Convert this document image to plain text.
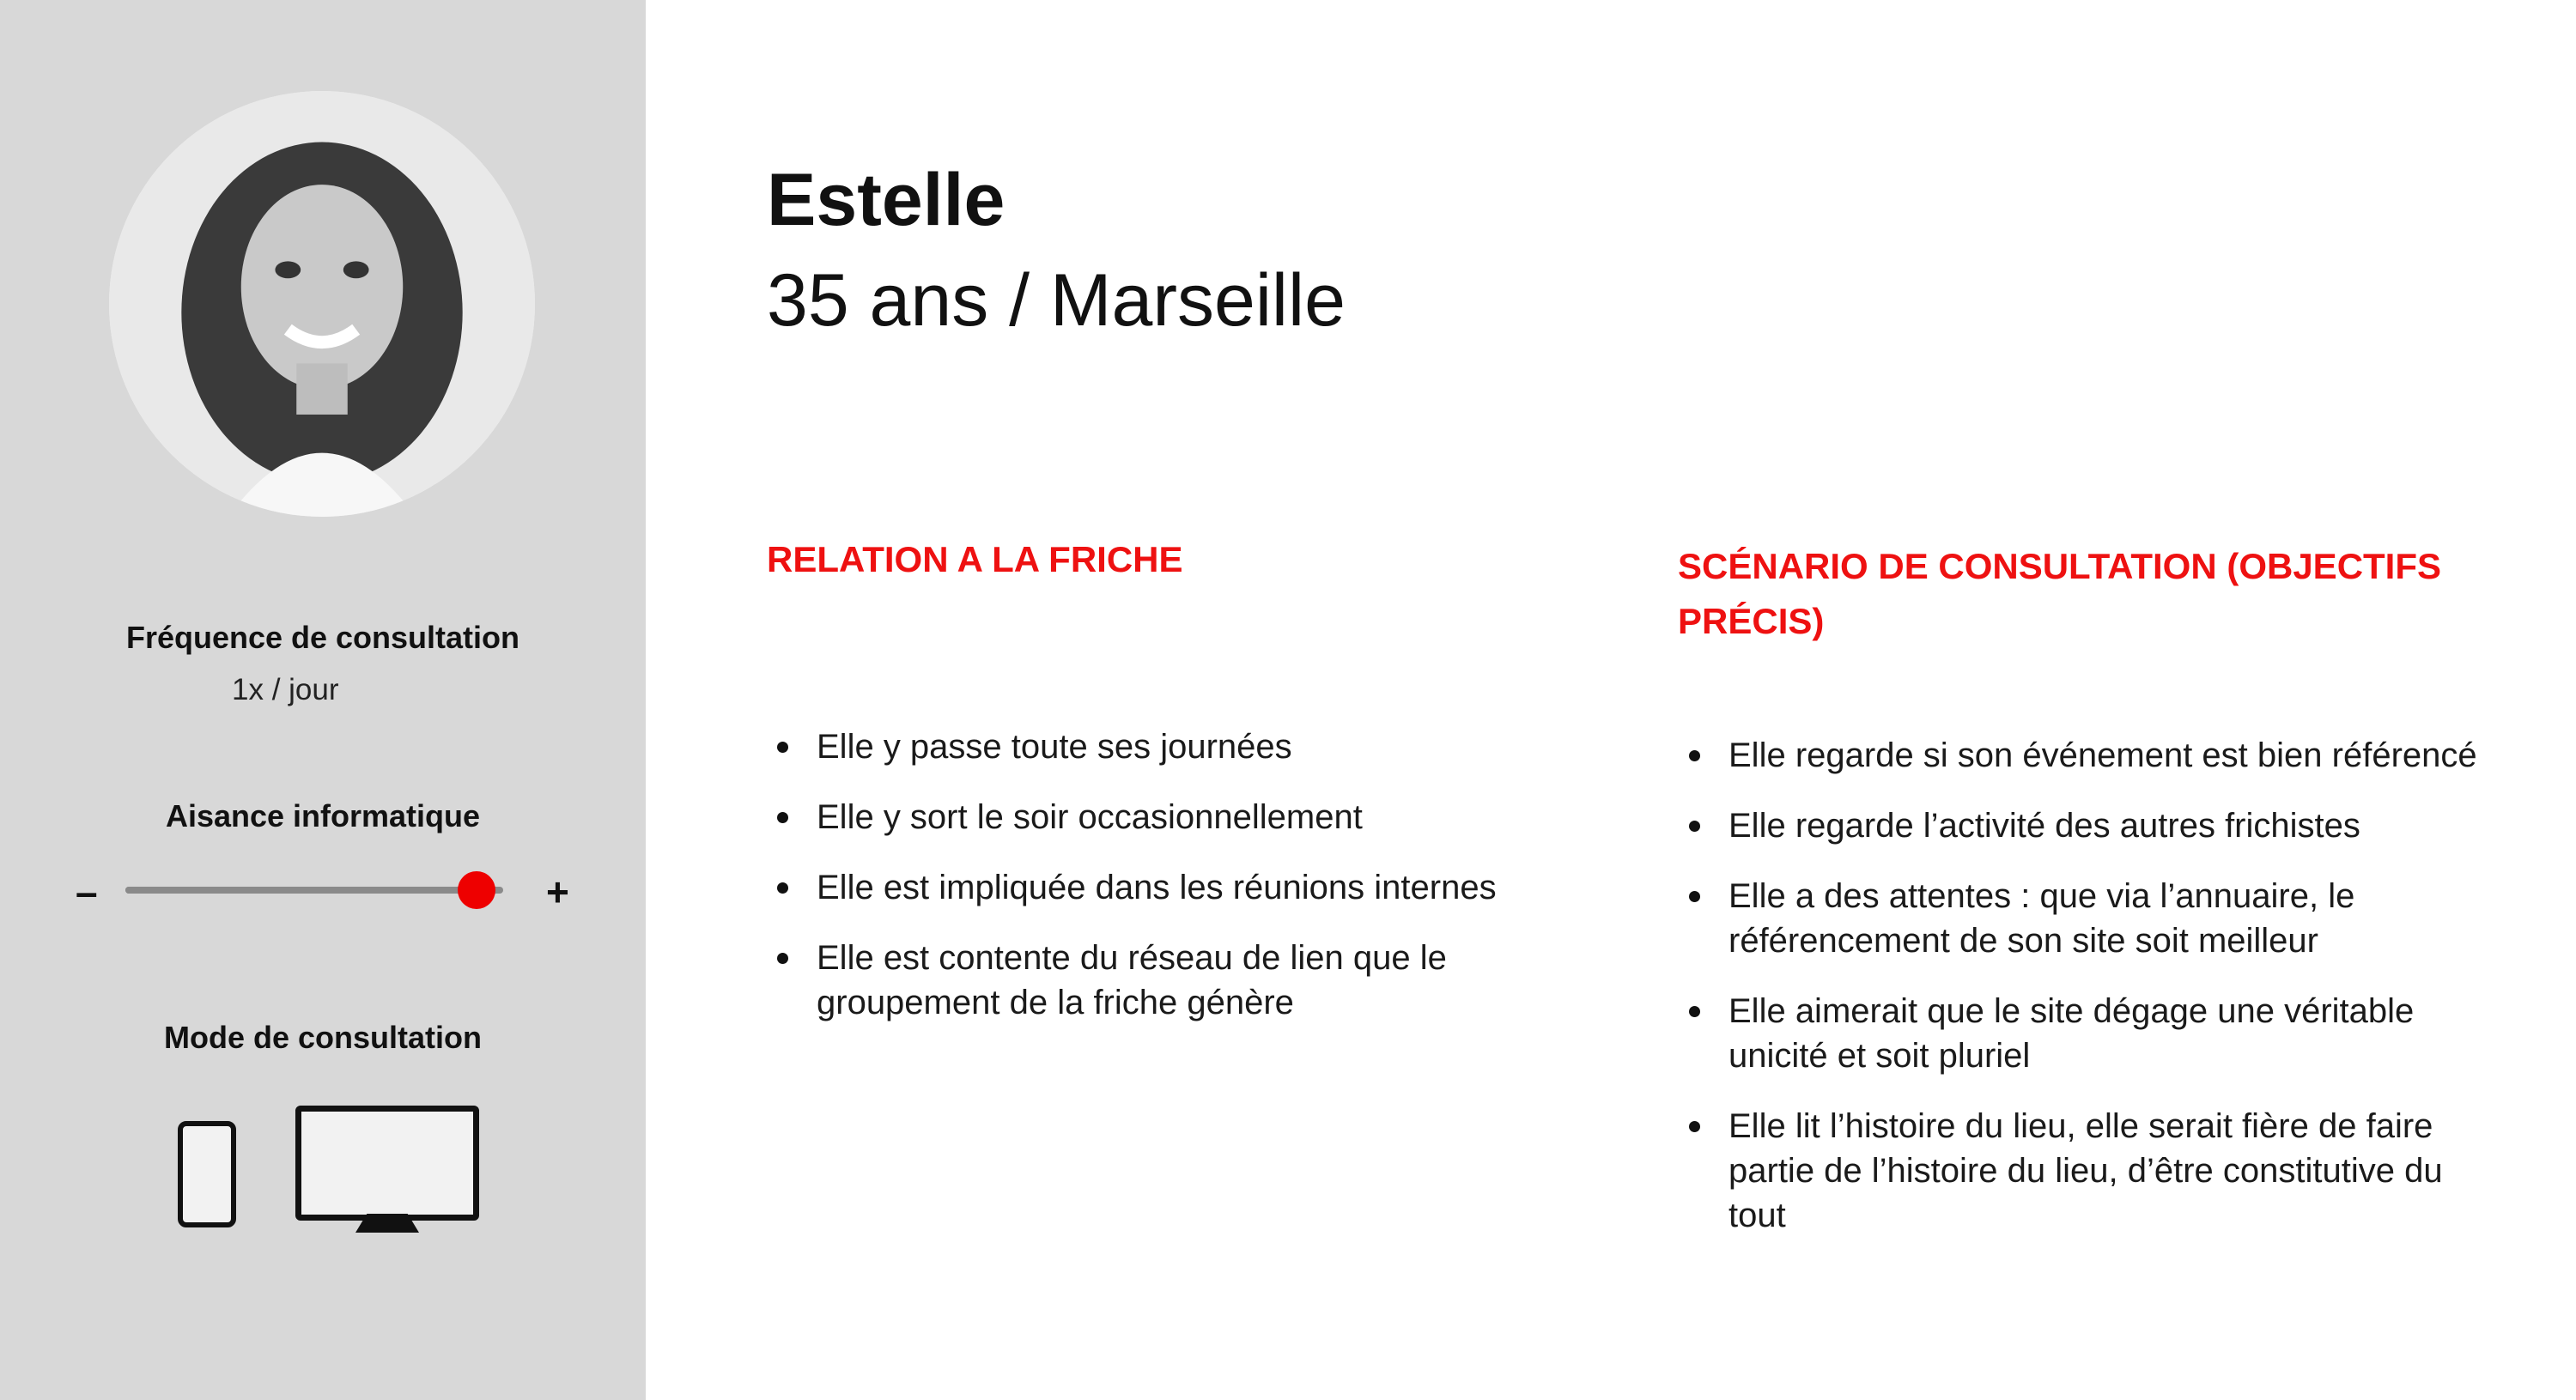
Fréquence de consultation
1x / jour
Aisance informatique
–	+
Mode de consultation
Estelle
35 ans / Marseille
RELATION A LA FRICHE
Elle y passe toute ses journées
Elle y sort le soir occasionnellement
Elle est impliquée dans les réunions internes
Elle est contente du réseau de lien que le groupement de la friche génère
SCÉNARIO DE CONSULTATION (OBJECTIFS PRÉCIS)
Elle regarde si son événement est bien référencé
Elle regarde l’activité des autres frichistes
Elle a des attentes : que via l’annuaire, le référencement de son site soit meilleur
Elle aimerait que le site dégage une véritable unicité et soit pluriel
Elle lit l’histoire du lieu, elle serait fière de faire partie de l’histoire du lieu, d’être constitutive du tout
